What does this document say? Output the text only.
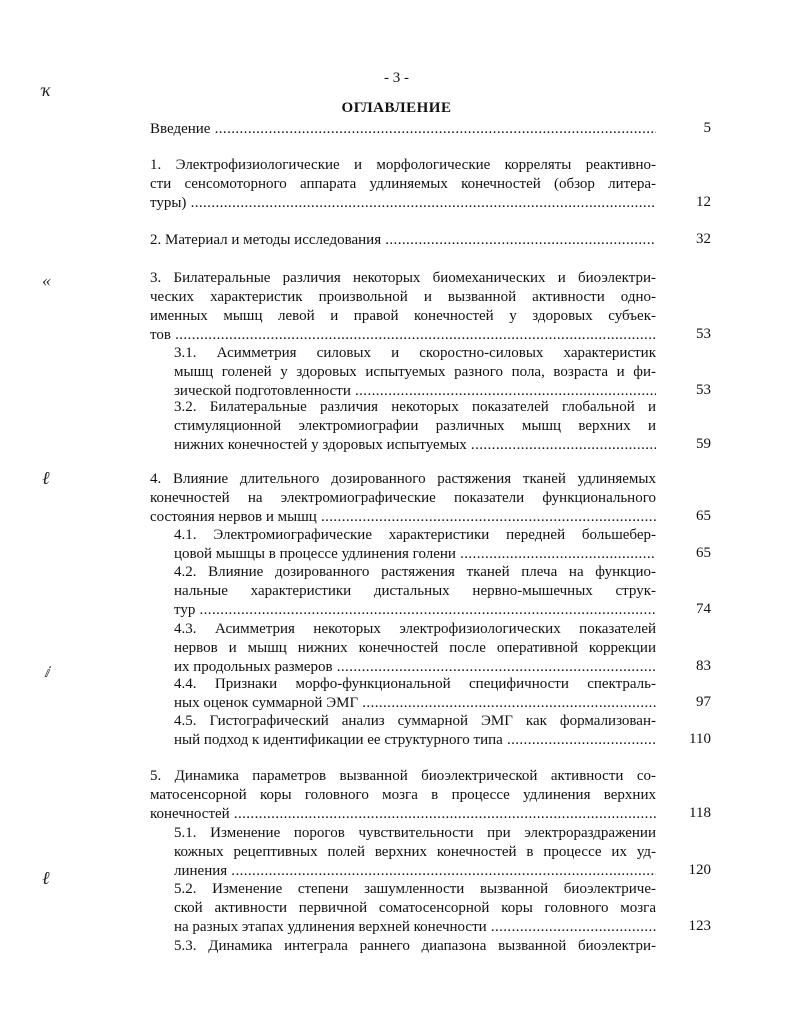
- 3 -
ОГЛАВЛЕНИЕ
Введение .....	5
1. Электрофизиологические и морфологические корреляты реактивно-
сти сенсомоторного аппарата удлиняемых конечностей (обзор литера-
туры) .....	12
2. Материал и методы исследования .....	32
3. Билатеральные различия некоторых биомеханических и биоэлектри-
ческих характеристик произвольной и вызванной активности одно-
именных мышц левой и правой конечностей у здоровых субъек-
тов .....	53
3.1. Асимметрия силовых и скоростно-силовых характеристик
мышц голеней у здоровых испытуемых разного пола, возраста и фи-
зической подготовленности .....	53
3.2. Билатеральные различия некоторых показателей глобальной и
стимуляционной электромиографии различных мышц верхних и
нижних конечностей у здоровых испытуемых .....	59
4. Влияние длительного дозированного растяжения тканей удлиняемых
конечностей на электромиографические показатели функционального
состояния нервов и мышц .....	65
4.1. Электромиографические характеристики передней большебер-
цовой мышцы в процессе удлинения голени .....	65
4.2. Влияние дозированного растяжения тканей плеча на функцио-
нальные характеристики дистальных нервно-мышечных струк-
тур .....	74
4.3. Асимметрия некоторых электрофизиологических показателей
нервов и мышц нижних конечностей после оперативной коррекции
их продольных размеров .....	83
4.4. Признаки морфо-функциональной специфичности спектраль-
ных оценок суммарной ЭМГ .....	97
4.5. Гистографический анализ суммарной ЭМГ как формализован-
ный подход к идентификации ее структурного типа .....	110
5. Динамика параметров вызванной биоэлектрической активности со-
матосенсорной коры головного мозга в процессе удлинения верхних
конечностей .....	118
5.1. Изменение порогов чувствительности при электрораздражении
кожных рецептивных полей верхних конечностей в процессе их уд-
линения .....	120
5.2. Изменение степени зашумленности вызванной биоэлектриче-
ской активности первичной соматосенсорной коры головного мозга
на разных этапах удлинения верхней конечности .....	123
5.3. Динамика интеграла раннего диапазона вызванной биоэлектри-
ҡ
«
ℓ
ⅈ
ℓ
